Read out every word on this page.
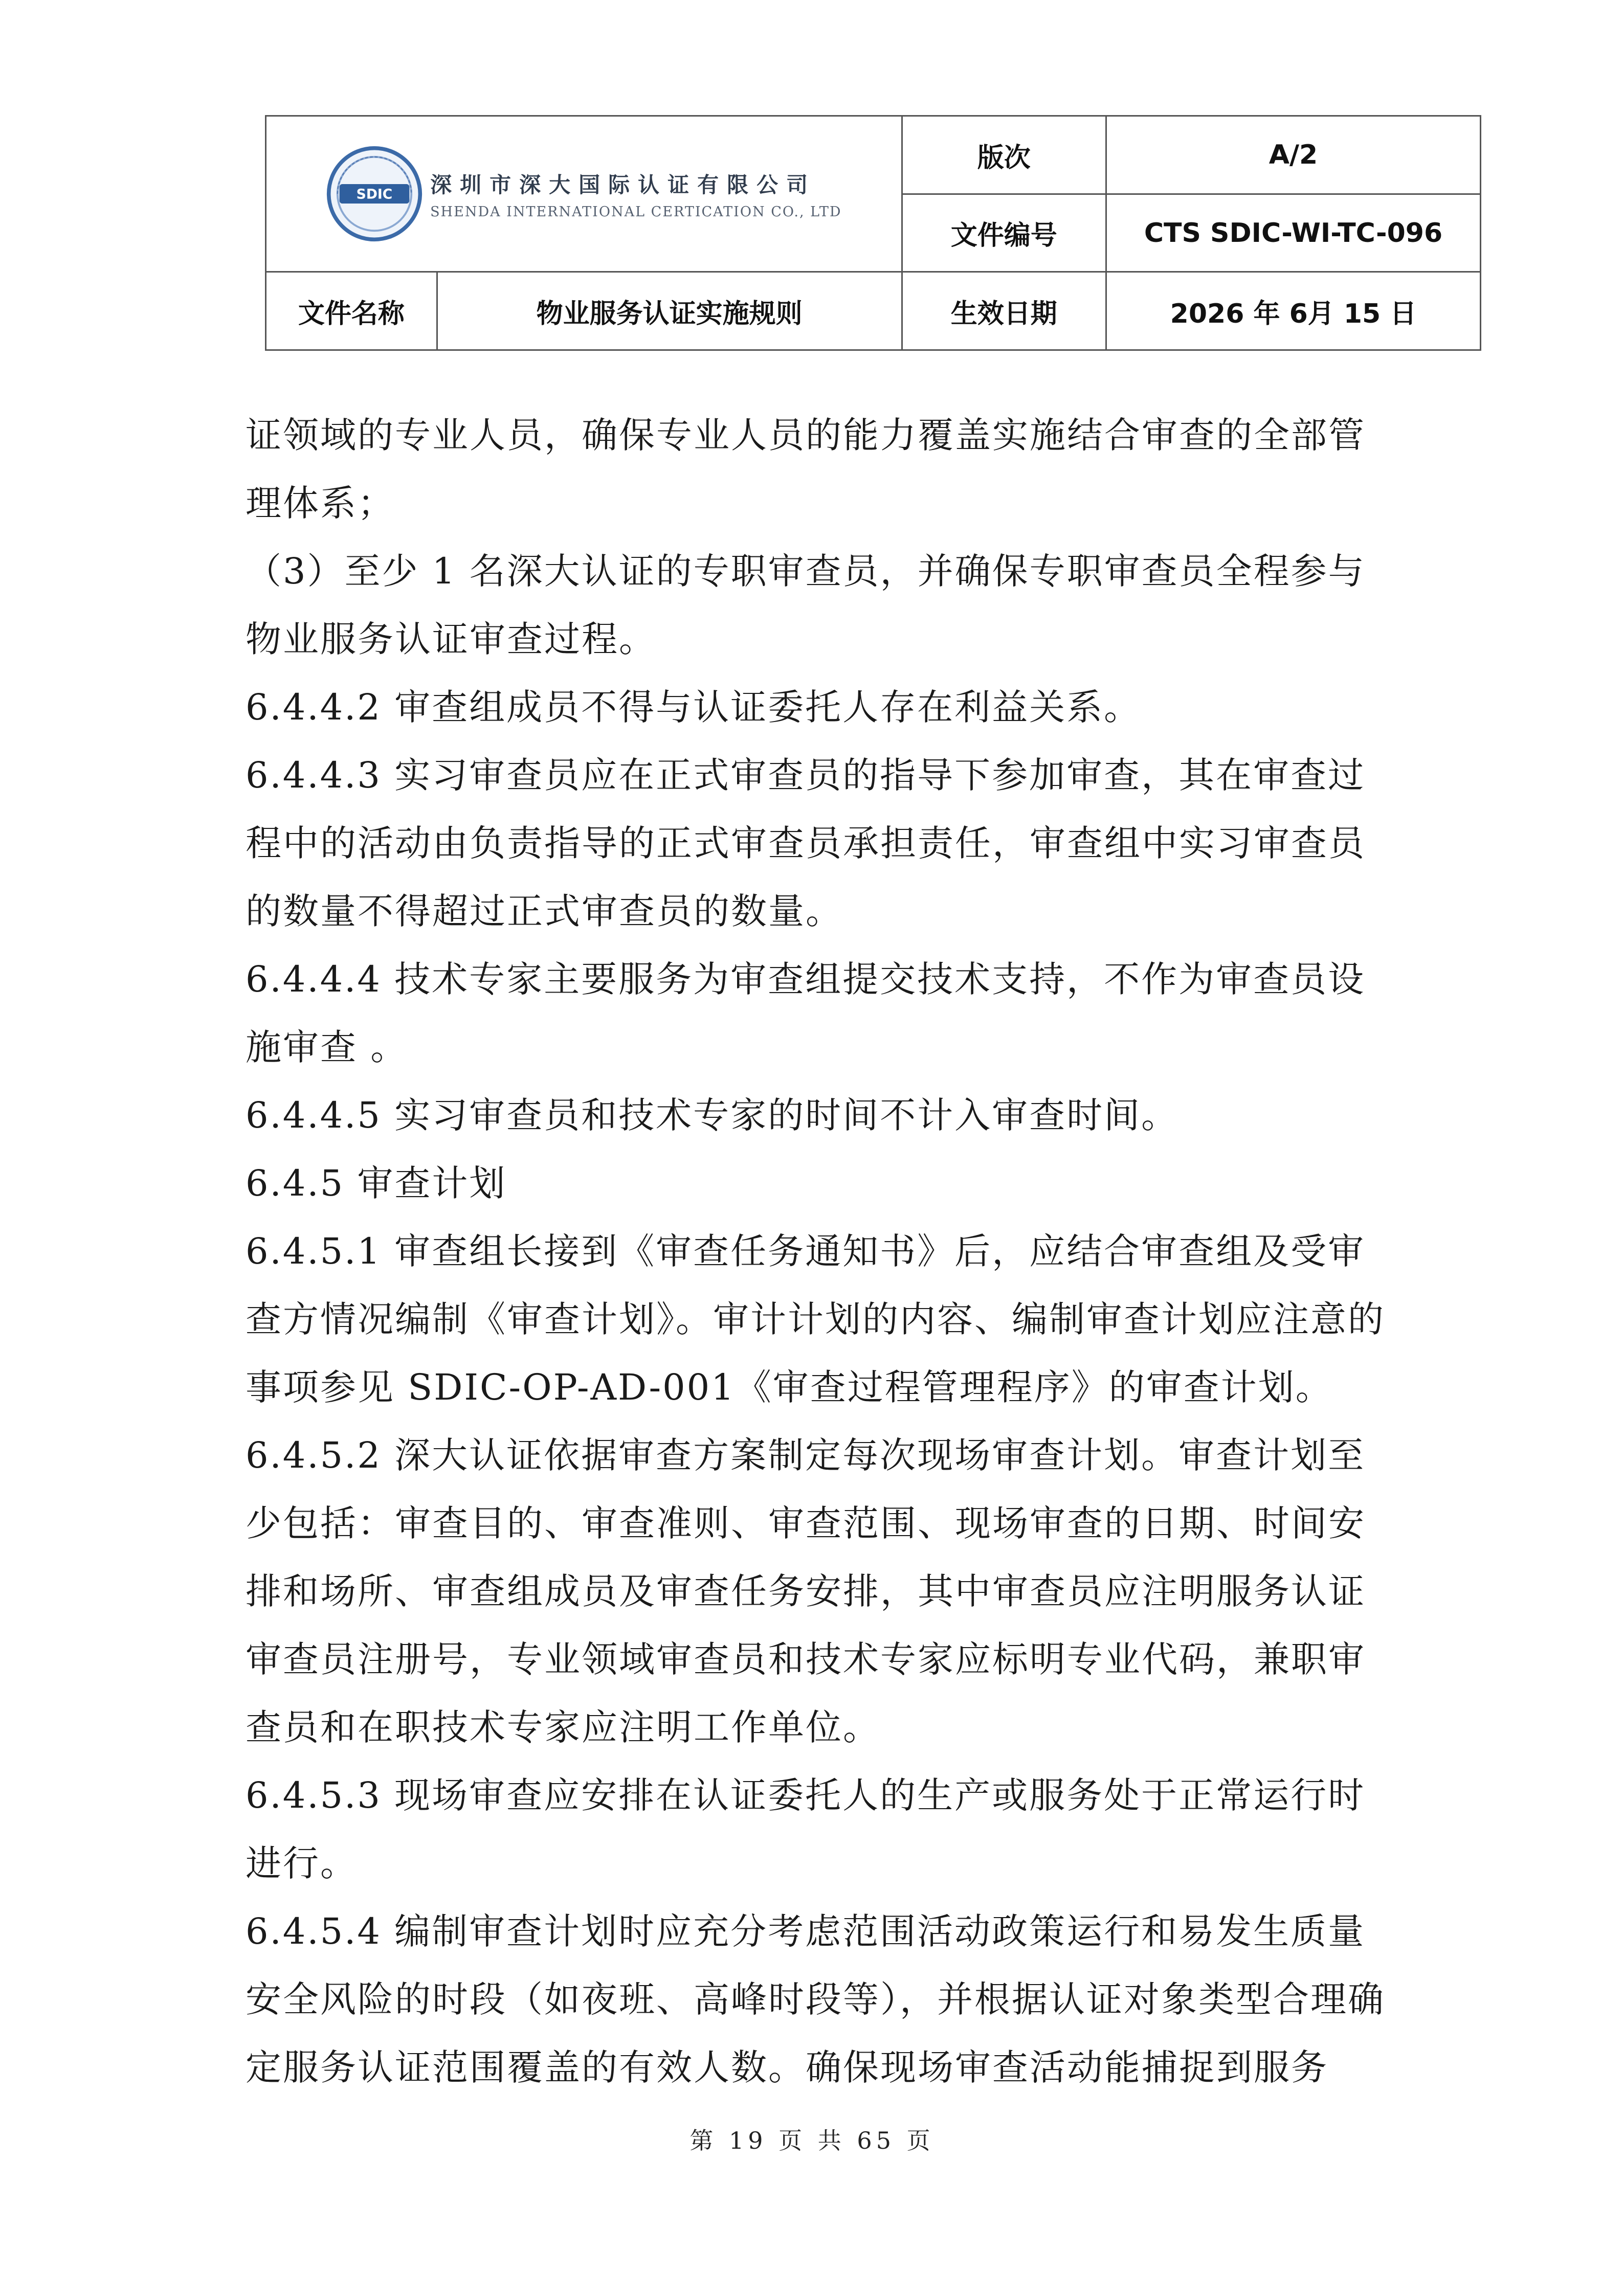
SDIC 深圳市深大国际认证有限公司
SHENDA INTERNATIONAL CERTICATION CO., LTD		版次	A/2
		文件编号	CTS SDIC-WI-TC-096
文件名称	物业服务认证实施规则	生效日期	2026 年 6月 15 日

证领域的专业人员，确保专业人员的能力覆盖实施结合审查的全部管理体系；

（3）至少 1 名深大认证的专职审查员，并确保专职审查员全程参与物业服务认证审查过程。

6.4.4.2 审查组成员不得与认证委托人存在利益关系。

6.4.4.3 实习审查员应在正式审查员的指导下参加审查，其在审查过程中的活动由负责指导的正式审查员承担责任，审查组中实习审查员的数量不得超过正式审查员的数量。

6.4.4.4 技术专家主要服务为审查组提交技术支持，不作为审查员设施审查 。

6.4.4.5 实习审查员和技术专家的时间不计入审查时间。

6.4.5 审查计划

6.4.5.1 审查组长接到《审查任务通知书》后，应结合审查组及受审查方情况编制《审查计划》。审计计划的内容、编制审查计划应注意的事项参见 SDIC-OP-AD-001《审查过程管理程序》的审查计划。

6.4.5.2 深大认证依据审查方案制定每次现场审查计划。审查计划至少包括：审查目的、审查准则、审查范围、现场审查的日期、时间安排和场所、审查组成员及审查任务安排，其中审查员应注明服务认证审查员注册号，专业领域审查员和技术专家应标明专业代码，兼职审查员和在职技术专家应注明工作单位。

6.4.5.3 现场审查应安排在认证委托人的生产或服务处于正常运行时进行。

6.4.5.4 编制审查计划时应充分考虑范围活动政策运行和易发生质量安全风险的时段（如夜班、高峰时段等），并根据认证对象类型合理确定服务认证范围覆盖的有效人数。确保现场审查活动能捕捉到服务

第 19 页 共 65 页
